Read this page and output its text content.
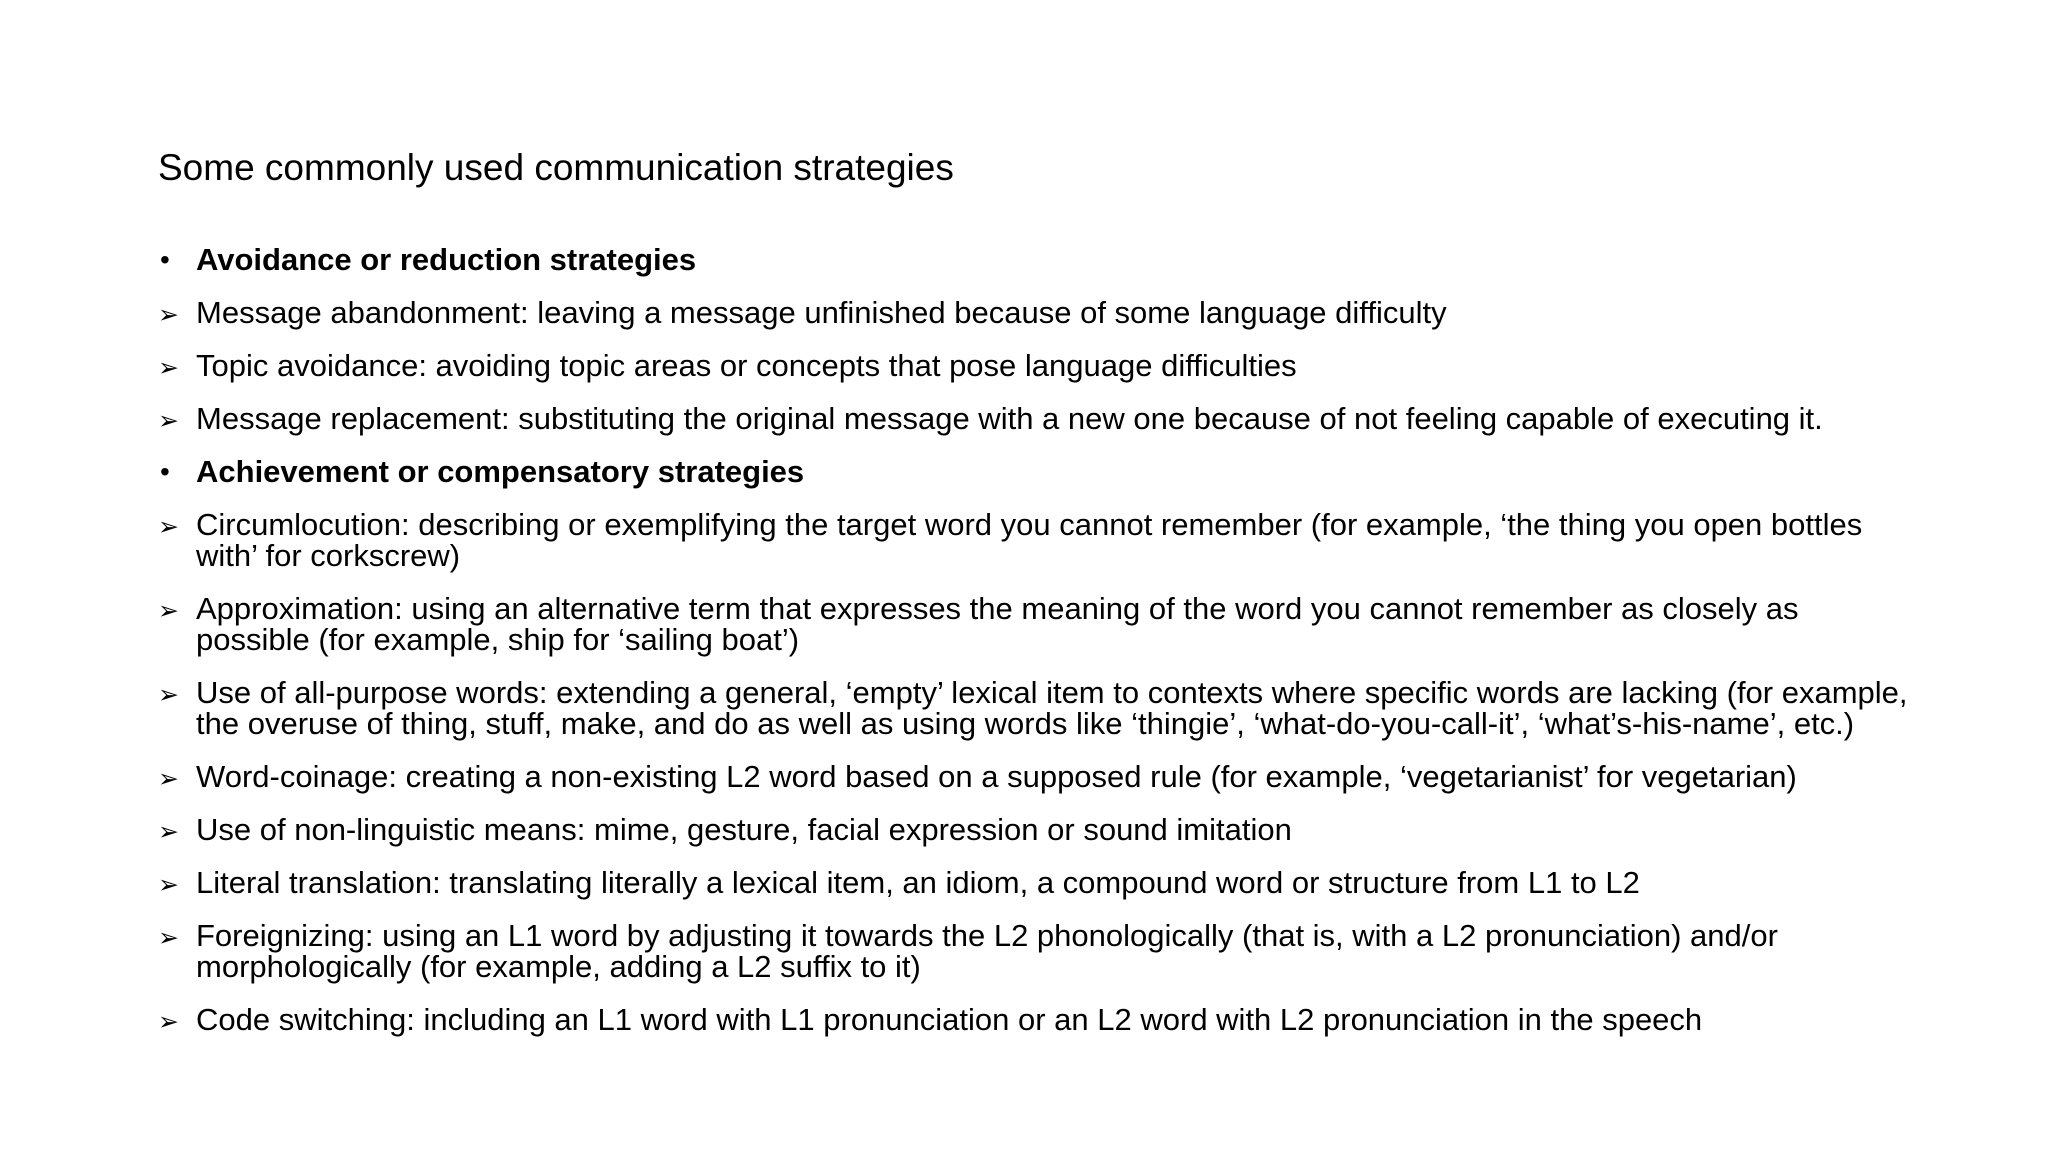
Some commonly used communication strategies
• Avoidance or reduction strategies
➢ Message abandonment: leaving a message unfinished because of some language difficulty
➢ Topic avoidance: avoiding topic areas or concepts that pose language difficulties
➢ Message replacement: substituting the original message with a new one because of not feeling capable of executing it.
• Achievement or compensatory strategies
➢ Circumlocution: describing or exemplifying the target word you cannot remember (for example, ‘the thing you open bottles with’ for corkscrew)
➢ Approximation: using an alternative term that expresses the meaning of the word you cannot remember as closely as possible (for example, ship for ‘sailing boat’)
➢ Use of all-purpose words: extending a general, ‘empty’ lexical item to contexts where specific words are lacking (for example, the overuse of thing, stuff, make, and do as well as using words like ‘thingie’, ‘what-do-you-call-it’, ‘what’s-his-name’, etc.)
➢ Word-coinage: creating a non-existing L2 word based on a supposed rule (for example, ‘vegetarianist’ for vegetarian)
➢ Use of non-linguistic means: mime, gesture, facial expression or sound imitation
➢ Literal translation: translating literally a lexical item, an idiom, a compound word or structure from L1 to L2
➢ Foreignizing: using an L1 word by adjusting it towards the L2 phonologically (that is, with a L2 pronunciation) and/or morphologically (for example, adding a L2 suffix to it)
➢ Code switching: including an L1 word with L1 pronunciation or an L2 word with L2 pronunciation in the speech
